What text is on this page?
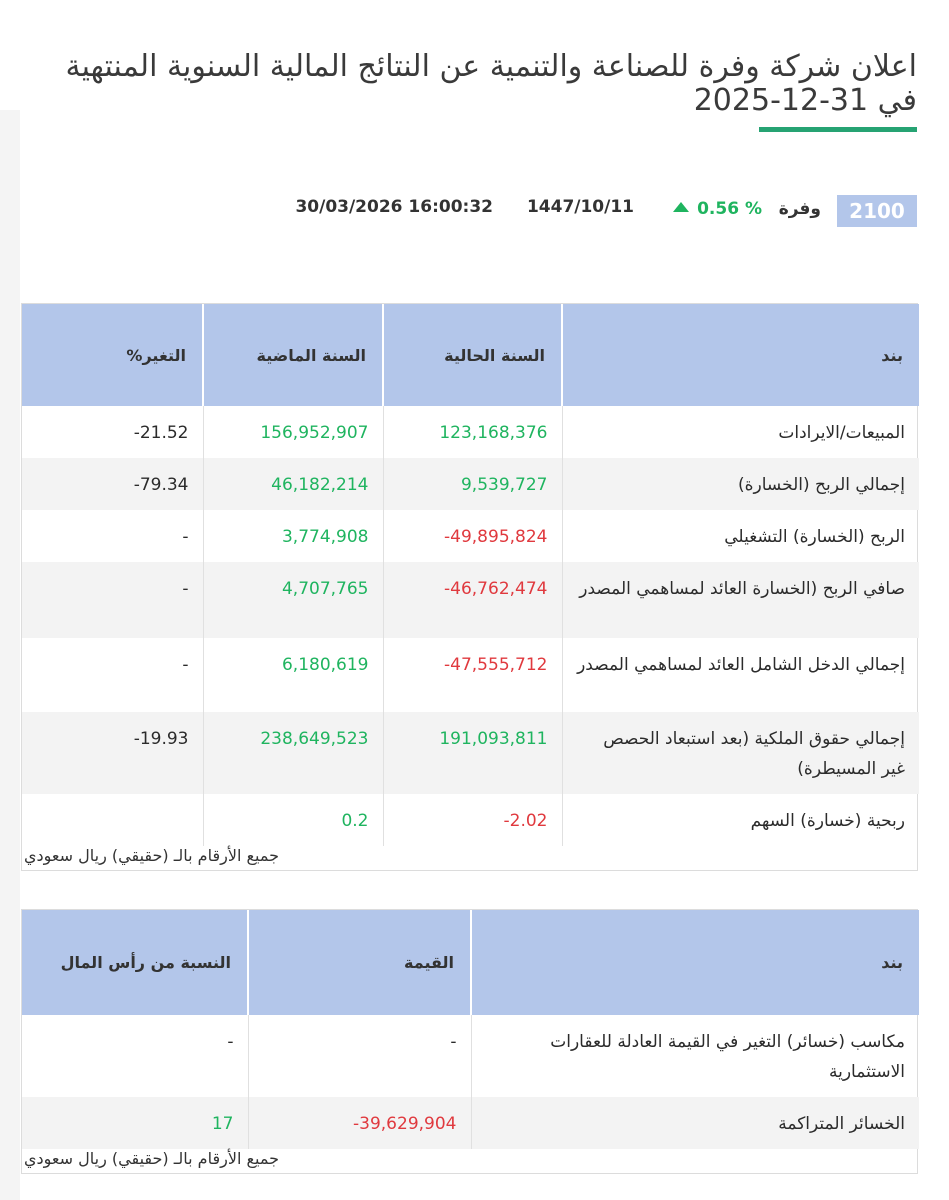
اعلان شركة وفرة للصناعة والتنمية عن النتائج المالية السنوية المنتهية في 31-12-2025
2100
وفرة
0.56 %
1447/10/11
30/03/2026 16:00:32
بند	السنة الحالية	السنة الماضية	التغير%
المبيعات/الايرادات	123,168,376	156,952,907	-21.52
إجمالي الربح (الخسارة)	9,539,727	46,182,214	-79.34
الربح (الخسارة) التشغيلي	-49,895,824	3,774,908	-
صافي الربح (الخسارة العائد لمساهمي المصدر	-46,762,474	4,707,765	-
إجمالي الدخل الشامل العائد لمساهمي المصدر	-47,555,712	6,180,619	-
إجمالي حقوق الملكية (بعد استبعاد الحصص غير المسيطرة)	191,093,811	238,649,523	-19.93
ربحية (خسارة) السهم	-2.02	0.2	
جميع الأرقام بالـ (حقيقي) ريال سعودي
بند	القيمة	النسبة من رأس المال
مكاسب (خسائر) التغير في القيمة العادلة للعقارات الاستثمارية	-	-
الخسائر المتراكمة	-39,629,904	17
جميع الأرقام بالـ (حقيقي) ريال سعودي
